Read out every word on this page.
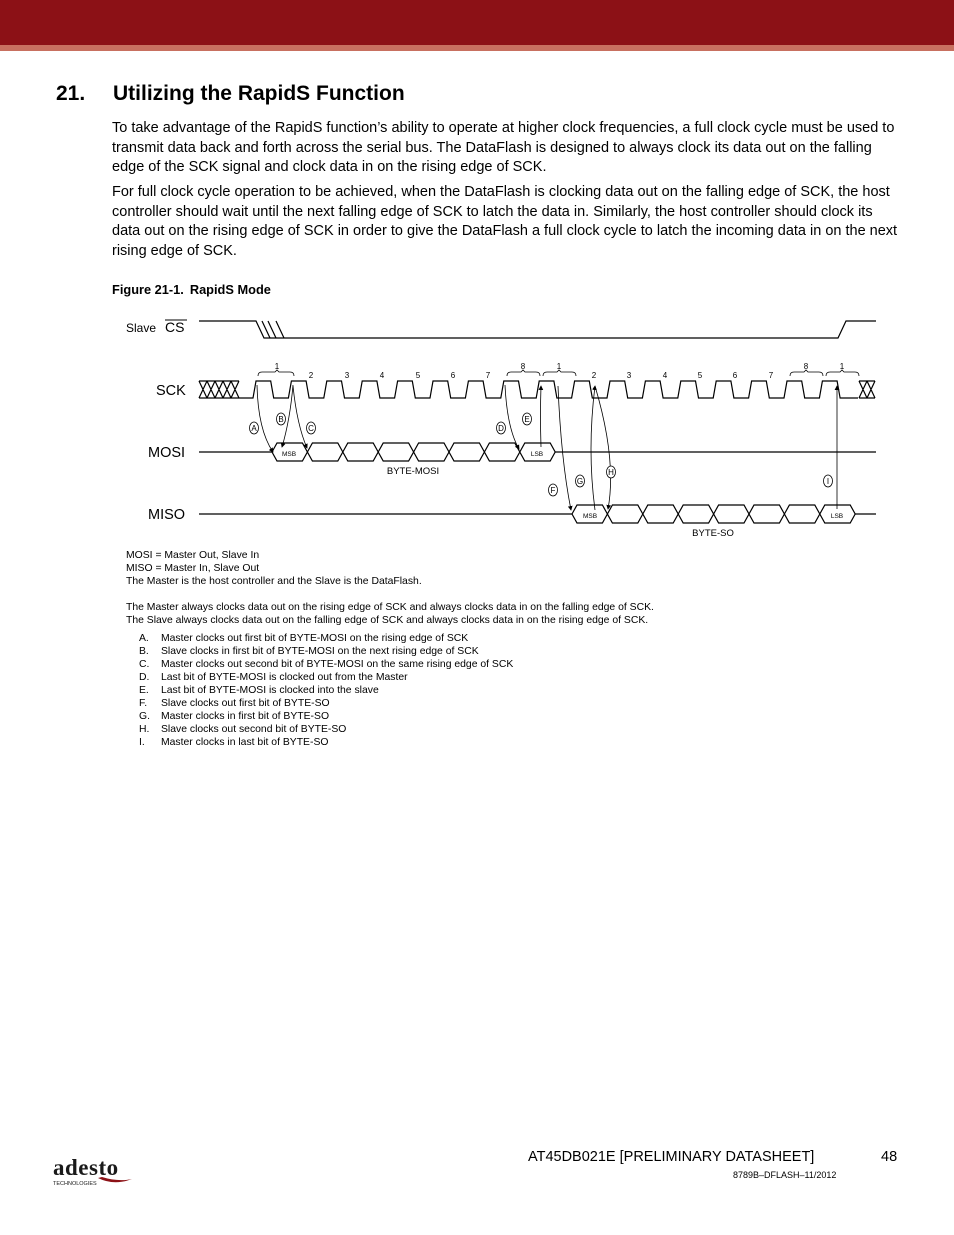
21. Utilizing the RapidS Function

To take advantage of the RapidS function’s ability to operate at higher clock frequencies, a full clock cycle must be used to transmit data back and forth across the serial bus. The DataFlash is designed to always clock its data out on the falling edge of the SCK signal and clock data in on the rising edge of SCK.

For full clock cycle operation to be achieved, when the DataFlash is clocking data out on the falling edge of SCK, the host controller should wait until the next falling edge of SCK to latch the data in. Similarly, the host controller should clock its data out on the rising edge of SCK in order to give the DataFlash a full clock cycle to latch the incoming data in on the next rising edge of SCK.

Figure 21-1. RapidS Mode
Slave CS
SCK
MOSI
MISO
1
2	3	4	5	6	7
8	1
2	3	4	5	6	7
8	1
MSB	LSB
BYTE-MOSI
MSB	LSB
BYTE-SO
A
B
C	D
E
F
G
H
I
MOSI = Master Out, Slave In
MISO = Master In, Slave Out
The Master is the host controller and the Slave is the DataFlash.
The Master always clocks data out on the rising edge of SCK and always clocks data in on the falling edge of SCK.
The Slave always clocks data out on the falling edge of SCK and always clocks data in on the rising edge of SCK.
A.	Master clocks out first bit of BYTE-MOSI on the rising edge of SCK
B.	Slave clocks in first bit of BYTE-MOSI on the next rising edge of SCK
C.	Master clocks out second bit of BYTE-MOSI on the same rising edge of SCK
D.	Last bit of BYTE-MOSI is clocked out from the Master
E.	Last bit of BYTE-MOSI is clocked into the slave
F.	Slave clocks out first bit of BYTE-SO
G.	Master clocks in first bit of BYTE-SO
H.	Slave clocks out second bit of BYTE-SO
I.	Master clocks in last bit of BYTE-SO
adesto
TECHNOLOGIES
AT45DB021E [PRELIMINARY DATASHEET]	48
8789B–DFLASH–11/2012
